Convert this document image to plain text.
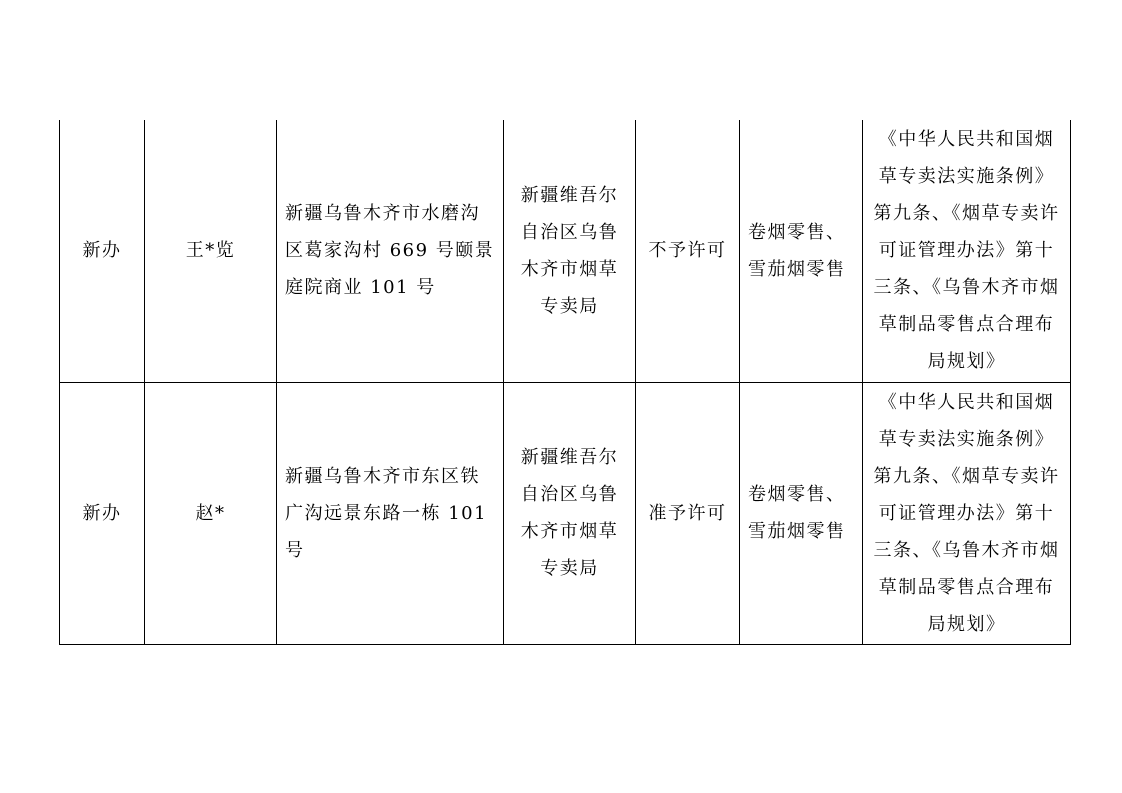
新办	王*览	新疆乌鲁木齐市水磨沟区葛家沟村 669 号颐景庭院商业 101 号	新疆维吾尔自治区乌鲁木齐市烟草专卖局	不予许可	卷烟零售、雪茄烟零售	《中华人民共和国烟草专卖法实施条例》第九条、《烟草专卖许可证管理办法》第十三条、《乌鲁木齐市烟草制品零售点合理布局规划》
新办	赵*	新疆乌鲁木齐市东区铁广沟远景东路一栋 101 号	新疆维吾尔自治区乌鲁木齐市烟草专卖局	准予许可	卷烟零售、雪茄烟零售	《中华人民共和国烟草专卖法实施条例》第九条、《烟草专卖许可证管理办法》第十三条、《乌鲁木齐市烟草制品零售点合理布局规划》
